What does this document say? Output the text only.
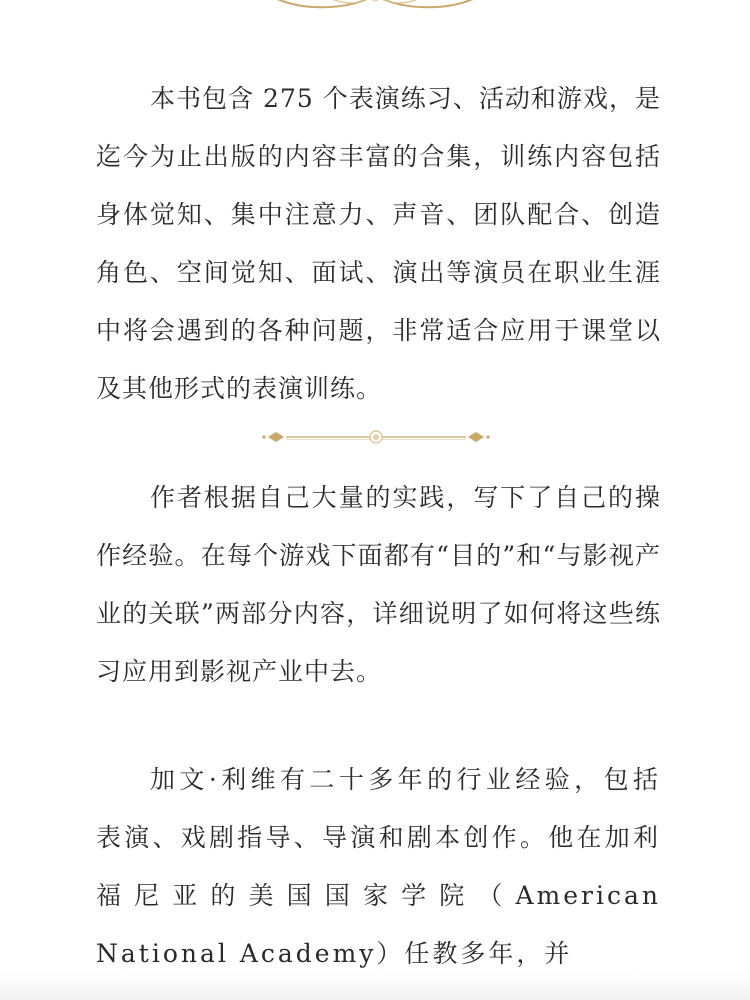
本书包含 275 个表演练习、活动和游戏，是迄今为止出版的内容丰富的合集，训练内容包括身体觉知、集中注意力、声音、团队配合、创造角色、空间觉知、面试、演出等演员在职业生涯中将会遇到的各种问题，非常适合应用于课堂以及其他形式的表演训练。

作者根据自己大量的实践，写下了自己的操作经验。在每个游戏下面都有“目的”和“与影视产业的关联”两部分内容，详细说明了如何将这些练习应用到影视产业中去。

加文·利维有二十多年的行业经验，包括表演、戏剧指导、导演和剧本创作。他在加利福尼亚的美国国家学院（American National Academy）任教多年，并
